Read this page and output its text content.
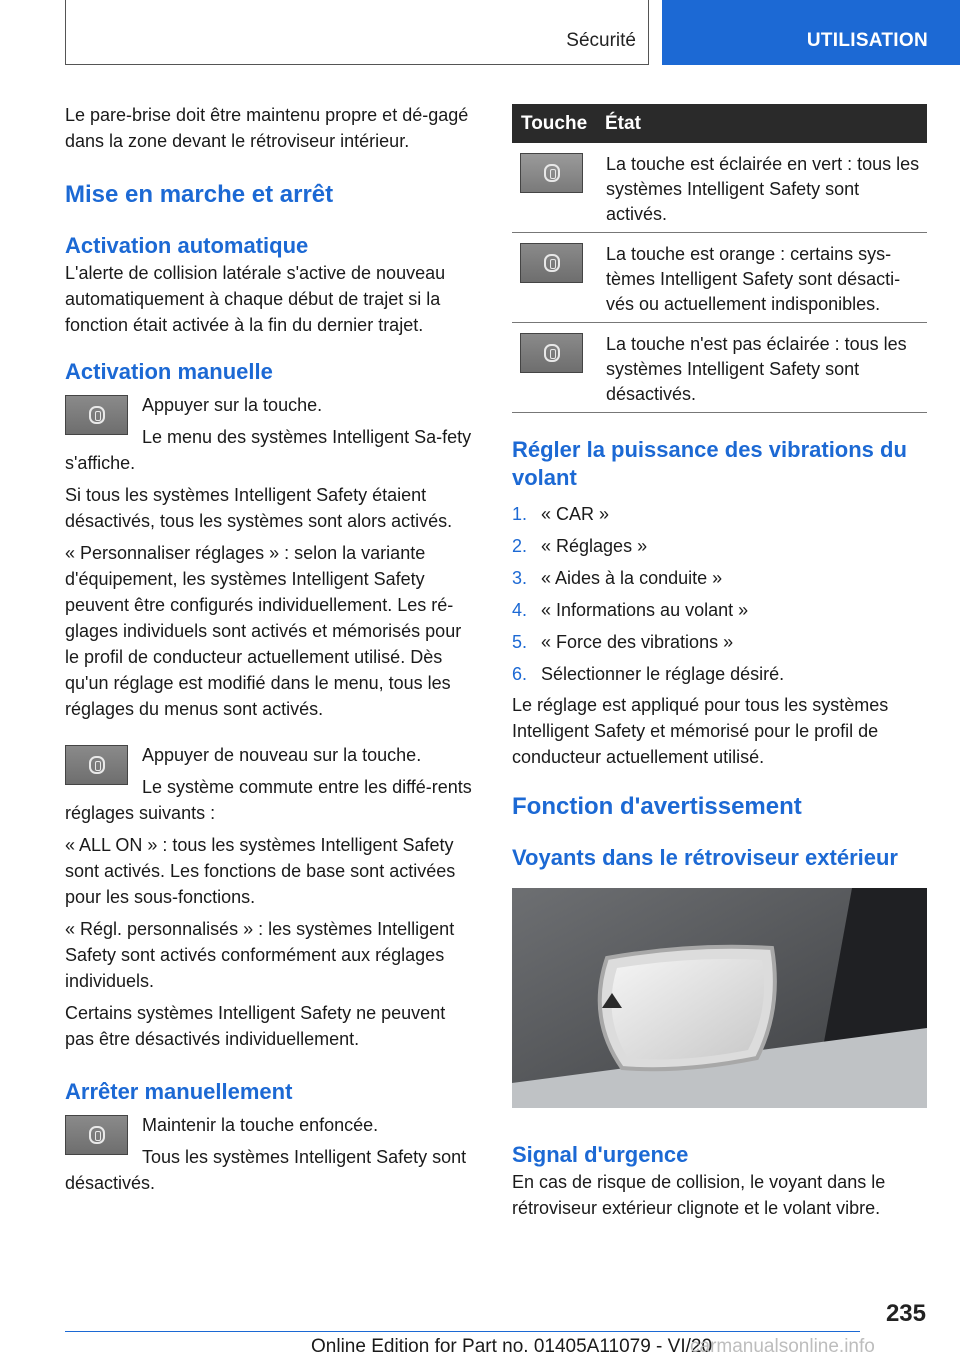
Sécurité	UTILISATION

Le pare-brise doit être maintenu propre et dé-gagé dans la zone devant le rétroviseur intérieur.

Mise en marche et arrêt
Activation automatique

L'alerte de collision latérale s'active de nouveau automatiquement à chaque début de trajet si la fonction était activée à la fin du dernier trajet.

Activation manuelle

Appuyer sur la touche.

Le menu des systèmes Intelligent Sa-fety s'affiche.

Si tous les systèmes Intelligent Safety étaient désactivés, tous les systèmes sont alors activés.

« Personnaliser réglages » : selon la variante d'équipement, les systèmes Intelligent Safety peuvent être configurés individuellement. Les ré-glages individuels sont activés et mémorisés pour le profil de conducteur actuellement utilisé. Dès qu'un réglage est modifié dans le menu, tous les réglages du menus sont activés.

Appuyer de nouveau sur la touche.

Le système commute entre les diffé-rents réglages suivants :

« ALL ON » : tous les systèmes Intelligent Safety sont activés. Les fonctions de base sont activées pour les sous-fonctions.

« Régl. personnalisés » : les systèmes Intelligent Safety sont activés conformément aux réglages individuels.

Certains systèmes Intelligent Safety ne peuvent pas être désactivés individuellement.

Arrêter manuellement

Maintenir la touche enfoncée.

Tous les systèmes Intelligent Safety sont désactivés.

Touche État
La touche est éclairée en vert : tous les systèmes Intelligent Safety sont activés.
La touche est orange : certains sys-tèmes Intelligent Safety sont désacti-vés ou actuellement indisponibles.
La touche n'est pas éclairée : tous les systèmes Intelligent Safety sont désactivés.
Régler la puissance des vibrations du volant
1. « CAR »
2. « Réglages »
3. « Aides à la conduite »
4. « Informations au volant »
5. « Force des vibrations »
6. Sélectionner le réglage désiré.

Le réglage est appliqué pour tous les systèmes Intelligent Safety et mémorisé pour le profil de conducteur actuellement utilisé.

Fonction d'avertissement
Voyants dans le rétroviseur extérieur
Signal d'urgence

En cas de risque de collision, le voyant dans le rétroviseur extérieur clignote et le volant vibre.

235
Online Edition for Part no. 01405A11079 - VI/20
carmanualsonline.info
